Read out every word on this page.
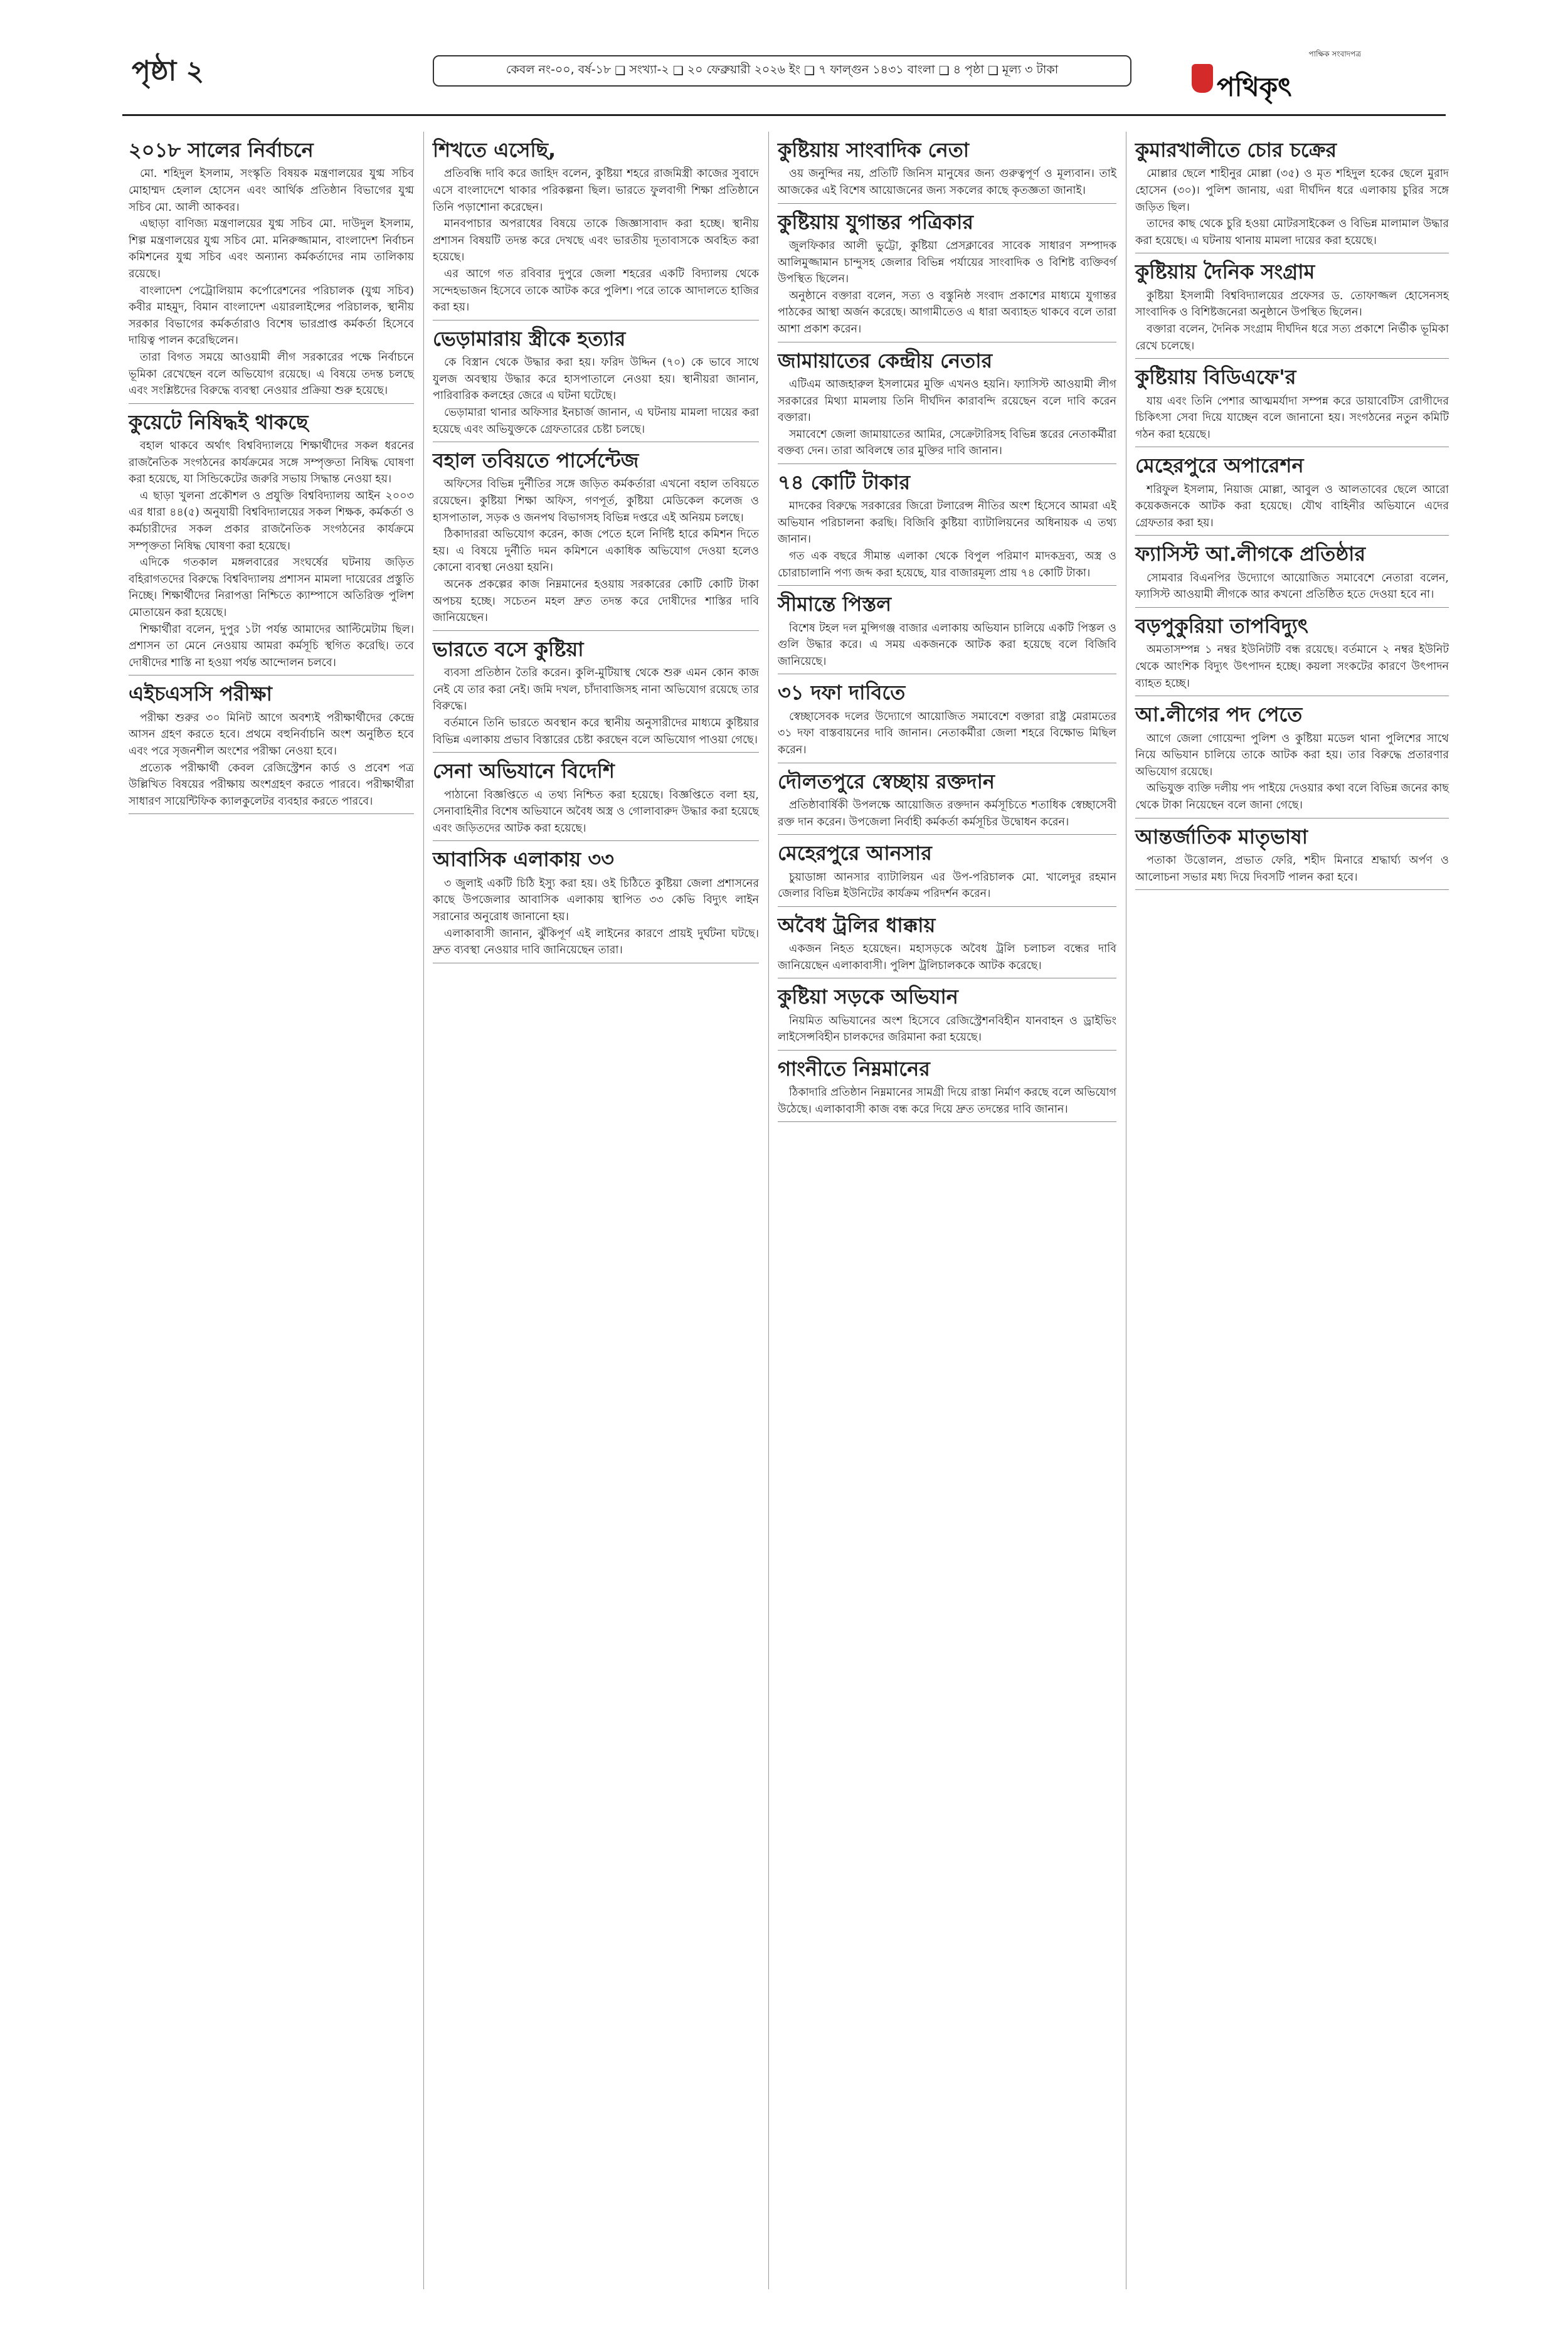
পৃষ্ঠা ২	কেবল নং-০০, বর্ষ-১৮ ❑ সংখ্যা-২ ❑ ২০ ফেব্রুয়ারী ২০২৬ ইং ❑ ৭ ফাল্গুন ১৪৩১ বাংলা ❑ ৪ পৃষ্ঠা ❑ মূল্য ৩ টাকা
পাক্ষিক সংবাদপত্র
পথিকৃৎ
২০১৮ সালের নির্বাচনে

মো. শহিদুল ইসলাম, সংস্কৃতি বিষয়ক মন্ত্রণালয়ের যুগ্ম সচিব মোহাম্মদ হেলাল হোসেন এবং আর্থিক প্রতিষ্ঠান বিভাগের যুগ্ম সচিব মো. আলী আকবর।

এছাড়া বাণিজ্য মন্ত্রণালয়ের যুগ্ম সচিব মো. দাউদুল ইসলাম, শিল্প মন্ত্রণালয়ের যুগ্ম সচিব মো. মনিরুজ্জামান, বাংলাদেশ নির্বাচন কমিশনের যুগ্ম সচিব এবং অন্যান্য কর্মকর্তাদের নাম তালিকায় রয়েছে।

বাংলাদেশ পেট্রোলিয়াম কর্পোরেশনের পরিচালক (যুগ্ম সচিব) কবীর মাহমুদ, বিমান বাংলাদেশ এয়ারলাইন্সের পরিচালক, স্থানীয় সরকার বিভাগের কর্মকর্তারাও বিশেষ ভারপ্রাপ্ত কর্মকর্তা হিসেবে দায়িত্ব পালন করেছিলেন।

তারা বিগত সময়ে আওয়ামী লীগ সরকারের পক্ষে নির্বাচনে ভূমিকা রেখেছেন বলে অভিযোগ রয়েছে। এ বিষয়ে তদন্ত চলছে এবং সংশ্লিষ্টদের বিরুদ্ধে ব্যবস্থা নেওয়ার প্রক্রিয়া শুরু হয়েছে।

কুয়েটে নিষিদ্ধই থাকছে

বহাল থাকবে অর্থাৎ বিশ্ববিদ্যালয়ে শিক্ষার্থীদের সকল ধরনের রাজনৈতিক সংগঠনের কার্যক্রমের সঙ্গে সম্পৃক্ততা নিষিদ্ধ ঘোষণা করা হয়েছে, যা সিন্ডিকেটের জরুরি সভায় সিদ্ধান্ত নেওয়া হয়।

এ ছাড়া খুলনা প্রকৌশল ও প্রযুক্তি বিশ্ববিদ্যালয় আইন ২০০৩ এর ধারা ৪৪(৫) অনুযায়ী বিশ্ববিদ্যালয়ের সকল শিক্ষক, কর্মকর্তা ও কর্মচারীদের সকল প্রকার রাজনৈতিক সংগঠনের কার্যক্রমে সম্পৃক্ততা নিষিদ্ধ ঘোষণা করা হয়েছে।

এদিকে গতকাল মঙ্গলবারের সংঘর্ষের ঘটনায় জড়িত বহিরাগতদের বিরুদ্ধে বিশ্ববিদ্যালয় প্রশাসন মামলা দায়েরের প্রস্তুতি নিচ্ছে। শিক্ষার্থীদের নিরাপত্তা নিশ্চিতে ক্যাম্পাসে অতিরিক্ত পুলিশ মোতায়েন করা হয়েছে।

শিক্ষার্থীরা বলেন, দুপুর ১টা পর্যন্ত আমাদের আল্টিমেটাম ছিল। প্রশাসন তা মেনে নেওয়ায় আমরা কর্মসূচি স্থগিত করেছি। তবে দোষীদের শাস্তি না হওয়া পর্যন্ত আন্দোলন চলবে।

এইচএসসি পরীক্ষা

পরীক্ষা শুরুর ৩০ মিনিট আগে অবশ্যই পরীক্ষার্থীদের কেন্দ্রে আসন গ্রহণ করতে হবে। প্রথমে বহুনির্বাচনি অংশ অনুষ্ঠিত হবে এবং পরে সৃজনশীল অংশের পরীক্ষা নেওয়া হবে।

প্রত্যেক পরীক্ষার্থী কেবল রেজিস্ট্রেশন কার্ড ও প্রবেশ পত্র উল্লিখিত বিষয়ের পরীক্ষায় অংশগ্রহণ করতে পারবে। পরীক্ষার্থীরা সাধারণ সায়েন্টিফিক ক্যালকুলেটর ব্যবহার করতে পারবে।

শিখতে এসেছি,

প্রতিবন্ধি দাবি করে জাহিদ বলেন, কুষ্টিয়া শহরে রাজমিস্ত্রী কাজের সুবাদে এসে বাংলাদেশে থাকার পরিকল্পনা ছিল। ভারতে ফুলবাগী শিক্ষা প্রতিষ্ঠানে তিনি পড়াশোনা করেছেন।

মানবপাচার অপরাধের বিষয়ে তাকে জিজ্ঞাসাবাদ করা হচ্ছে। স্থানীয় প্রশাসন বিষয়টি তদন্ত করে দেখছে এবং ভারতীয় দূতাবাসকে অবহিত করা হয়েছে।

এর আগে গত রবিবার দুপুরে জেলা শহরের একটি বিদ্যালয় থেকে সন্দেহভাজন হিসেবে তাকে আটক করে পুলিশ। পরে তাকে আদালতে হাজির করা হয়।

ভেড়ামারায় স্ত্রীকে হত্যার

কে বিস্ত্রান থেকে উদ্ধার করা হয়। ফরিদ উদ্দিন (৭০) কে ভাবে সাথে যুলজ অবস্থায় উদ্ধার করে হাসপাতালে নেওয়া হয়। স্থানীয়রা জানান, পারিবারিক কলহের জেরে এ ঘটনা ঘটেছে।

ভেড়ামারা থানার অফিসার ইনচার্জ জানান, এ ঘটনায় মামলা দায়ের করা হয়েছে এবং অভিযুক্তকে গ্রেফতারের চেষ্টা চলছে।

বহাল তবিয়তে পার্সেন্টেজ

অফিসের বিভিন্ন দুর্নীতির সঙ্গে জড়িত কর্মকর্তারা এখনো বহাল তবিয়তে রয়েছেন। কুষ্টিয়া শিক্ষা অফিস, গণপূর্ত, কুষ্টিয়া মেডিকেল কলেজ ও হাসপাতাল, সড়ক ও জনপথ বিভাগসহ বিভিন্ন দপ্তরে এই অনিয়ম চলছে।

ঠিকাদাররা অভিযোগ করেন, কাজ পেতে হলে নির্দিষ্ট হারে কমিশন দিতে হয়। এ বিষয়ে দুর্নীতি দমন কমিশনে একাধিক অভিযোগ দেওয়া হলেও কোনো ব্যবস্থা নেওয়া হয়নি।

অনেক প্রকল্পের কাজ নিম্নমানের হওয়ায় সরকারের কোটি কোটি টাকা অপচয় হচ্ছে। সচেতন মহল দ্রুত তদন্ত করে দোষীদের শাস্তির দাবি জানিয়েছেন।

ভারতে বসে কুষ্টিয়া

ব্যবসা প্রতিষ্ঠান তৈরি করেন। কুলি-মুটিয়াস্থ থেকে শুরু এমন কোন কাজ নেই যে তার করা নেই। জমি দখল, চাঁদাবাজিসহ নানা অভিযোগ রয়েছে তার বিরুদ্ধে।

বর্তমানে তিনি ভারতে অবস্থান করে স্থানীয় অনুসারীদের মাধ্যমে কুষ্টিয়ার বিভিন্ন এলাকায় প্রভাব বিস্তারের চেষ্টা করছেন বলে অভিযোগ পাওয়া গেছে।

সেনা অভিযানে বিদেশি

পাঠানো বিজ্ঞপ্তিতে এ তথ্য নিশ্চিত করা হয়েছে। বিজ্ঞপ্তিতে বলা হয়, সেনাবাহিনীর বিশেষ অভিযানে অবৈধ অস্ত্র ও গোলাবারুদ উদ্ধার করা হয়েছে এবং জড়িতদের আটক করা হয়েছে।

আবাসিক এলাকায় ৩৩

৩ জুলাই একটি চিঠি ইস্যু করা হয়। ওই চিঠিতে কুষ্টিয়া জেলা প্রশাসনের কাছে উপজেলার আবাসিক এলাকায় স্থাপিত ৩৩ কেভি বিদ্যুৎ লাইন সরানোর অনুরোধ জানানো হয়।

এলাকাবাসী জানান, ঝুঁকিপূর্ণ এই লাইনের কারণে প্রায়ই দুর্ঘটনা ঘটছে। দ্রুত ব্যবস্থা নেওয়ার দাবি জানিয়েছেন তারা।

কুষ্টিয়ায় সাংবাদিক নেতা

ওয় জনুন্দির নয়, প্রতিটি জিনিস মানুষের জন্য গুরুত্বপূর্ণ ও মূল্যবান। তাই আজকের এই বিশেষ আয়োজনের জন্য সকলের কাছে কৃতজ্ঞতা জানাই।

কুষ্টিয়ায় যুগান্তর পত্রিকার

জুলফিকার আলী ভুট্টো, কুষ্টিয়া প্রেসক্লাবের সাবেক সাধারণ সম্পাদক আলিমুজ্জামান চান্দুসহ জেলার বিভিন্ন পর্যায়ের সাংবাদিক ও বিশিষ্ট ব্যক্তিবর্গ উপস্থিত ছিলেন।

অনুষ্ঠানে বক্তারা বলেন, সত্য ও বস্তুনিষ্ঠ সংবাদ প্রকাশের মাধ্যমে যুগান্তর পাঠকের আস্থা অর্জন করেছে। আগামীতেও এ ধারা অব্যাহত থাকবে বলে তারা আশা প্রকাশ করেন।

জামায়াতের কেন্দ্রীয় নেতার

এটিএম আজহারুল ইসলামের মুক্তি এখনও হয়নি। ফ্যাসিস্ট আওয়ামী লীগ সরকারের মিথ্যা মামলায় তিনি দীর্ঘদিন কারাবন্দি রয়েছেন বলে দাবি করেন বক্তারা।

সমাবেশে জেলা জামায়াতের আমির, সেক্রেটারিসহ বিভিন্ন স্তরের নেতাকর্মীরা বক্তব্য দেন। তারা অবিলম্বে তার মুক্তির দাবি জানান।

৭৪ কোটি টাকার

মাদকের বিরুদ্ধে সরকারের জিরো টলারেন্স নীতির অংশ হিসেবে আমরা এই অভিযান পরিচালনা করছি। বিজিবি কুষ্টিয়া ব্যাটালিয়নের অধিনায়ক এ তথ্য জানান।

গত এক বছরে সীমান্ত এলাকা থেকে বিপুল পরিমাণ মাদকদ্রব্য, অস্ত্র ও চোরাচালানি পণ্য জব্দ করা হয়েছে, যার বাজারমূল্য প্রায় ৭৪ কোটি টাকা।

সীমান্তে পিস্তল

বিশেষ টহল দল মুন্সিগঞ্জ বাজার এলাকায় অভিযান চালিয়ে একটি পিস্তল ও গুলি উদ্ধার করে। এ সময় একজনকে আটক করা হয়েছে বলে বিজিবি জানিয়েছে।

৩১ দফা দাবিতে

স্বেচ্ছাসেবক দলের উদ্যোগে আয়োজিত সমাবেশে বক্তারা রাষ্ট্র মেরামতের ৩১ দফা বাস্তবায়নের দাবি জানান। নেতাকর্মীরা জেলা শহরে বিক্ষোভ মিছিল করেন।

দৌলতপুরে স্বেচ্ছায় রক্তদান

প্রতিষ্ঠাবার্ষিকী উপলক্ষে আয়োজিত রক্তদান কর্মসূচিতে শতাধিক স্বেচ্ছাসেবী রক্ত দান করেন। উপজেলা নির্বাহী কর্মকর্তা কর্মসূচির উদ্বোধন করেন।

মেহেরপুরে আনসার

চুয়াডাঙ্গা আনসার ব্যাটালিয়ন এর উপ-পরিচালক মো. খালেদুর রহমান জেলার বিভিন্ন ইউনিটের কার্যক্রম পরিদর্শন করেন।

অবৈধ ট্রলির ধাক্কায়

একজন নিহত হয়েছেন। মহাসড়কে অবৈধ ট্রলি চলাচল বন্ধের দাবি জানিয়েছেন এলাকাবাসী। পুলিশ ট্রলিচালককে আটক করেছে।

কুষ্টিয়া সড়কে অভিযান

নিয়মিত অভিযানের অংশ হিসেবে রেজিস্ট্রেশনবিহীন যানবাহন ও ড্রাইভিং লাইসেন্সবিহীন চালকদের জরিমানা করা হয়েছে।

গাংনীতে নিম্নমানের

ঠিকাদারি প্রতিষ্ঠান নিম্নমানের সামগ্রী দিয়ে রাস্তা নির্মাণ করছে বলে অভিযোগ উঠেছে। এলাকাবাসী কাজ বন্ধ করে দিয়ে দ্রুত তদন্তের দাবি জানান।

কুমারখালীতে চোর চক্রের

মোল্লার ছেলে শাহীনুর মোল্লা (৩৫) ও মৃত শহিদুল হকের ছেলে মুরাদ হোসেন (৩০)। পুলিশ জানায়, এরা দীর্ঘদিন ধরে এলাকায় চুরির সঙ্গে জড়িত ছিল।

তাদের কাছ থেকে চুরি হওয়া মোটরসাইকেল ও বিভিন্ন মালামাল উদ্ধার করা হয়েছে। এ ঘটনায় থানায় মামলা দায়ের করা হয়েছে।

কুষ্টিয়ায় দৈনিক সংগ্রাম

কুষ্টিয়া ইসলামী বিশ্ববিদ্যালয়ের প্রফেসর ড. তোফাজ্জল হোসেনসহ সাংবাদিক ও বিশিষ্টজনেরা অনুষ্ঠানে উপস্থিত ছিলেন।

বক্তারা বলেন, দৈনিক সংগ্রাম দীর্ঘদিন ধরে সত্য প্রকাশে নির্ভীক ভূমিকা রেখে চলেছে।

কুষ্টিয়ায় বিডিএফে'র

যায় এবং তিনি পেশার আত্মমর্যাদা সম্পন্ন করে ডায়াবেটিস রোগীদের চিকিৎসা সেবা দিয়ে যাচ্ছেন বলে জানানো হয়। সংগঠনের নতুন কমিটি গঠন করা হয়েছে।

মেহেরপুরে অপারেশন

শরিফুল ইসলাম, নিয়াজ মোল্লা, আবুল ও আলতাবের ছেলে আরো কয়েকজনকে আটক করা হয়েছে। যৌথ বাহিনীর অভিযানে এদের গ্রেফতার করা হয়।

ফ্যাসিস্ট আ.লীগকে প্রতিষ্ঠার

সোমবার বিএনপির উদ্যোগে আয়োজিত সমাবেশে নেতারা বলেন, ফ্যাসিস্ট আওয়ামী লীগকে আর কখনো প্রতিষ্ঠিত হতে দেওয়া হবে না।

বড়পুকুরিয়া তাপবিদ্যুৎ

অমতাসম্পন্ন ১ নম্বর ইউনিটটি বন্ধ রয়েছে। বর্তমানে ২ নম্বর ইউনিট থেকে আংশিক বিদ্যুৎ উৎপাদন হচ্ছে। কয়লা সংকটের কারণে উৎপাদন ব্যাহত হচ্ছে।

আ.লীগের পদ পেতে

আগে জেলা গোয়েন্দা পুলিশ ও কুষ্টিয়া মডেল থানা পুলিশের সাথে নিয়ে অভিযান চালিয়ে তাকে আটক করা হয়। তার বিরুদ্ধে প্রতারণার অভিযোগ রয়েছে।

অভিযুক্ত ব্যক্তি দলীয় পদ পাইয়ে দেওয়ার কথা বলে বিভিন্ন জনের কাছ থেকে টাকা নিয়েছেন বলে জানা গেছে।

আন্তর্জাতিক মাতৃভাষা

পতাকা উত্তোলন, প্রভাত ফেরি, শহীদ মিনারে শ্রদ্ধার্ঘ্য অর্পণ ও আলোচনা সভার মধ্য দিয়ে দিবসটি পালন করা হবে।
